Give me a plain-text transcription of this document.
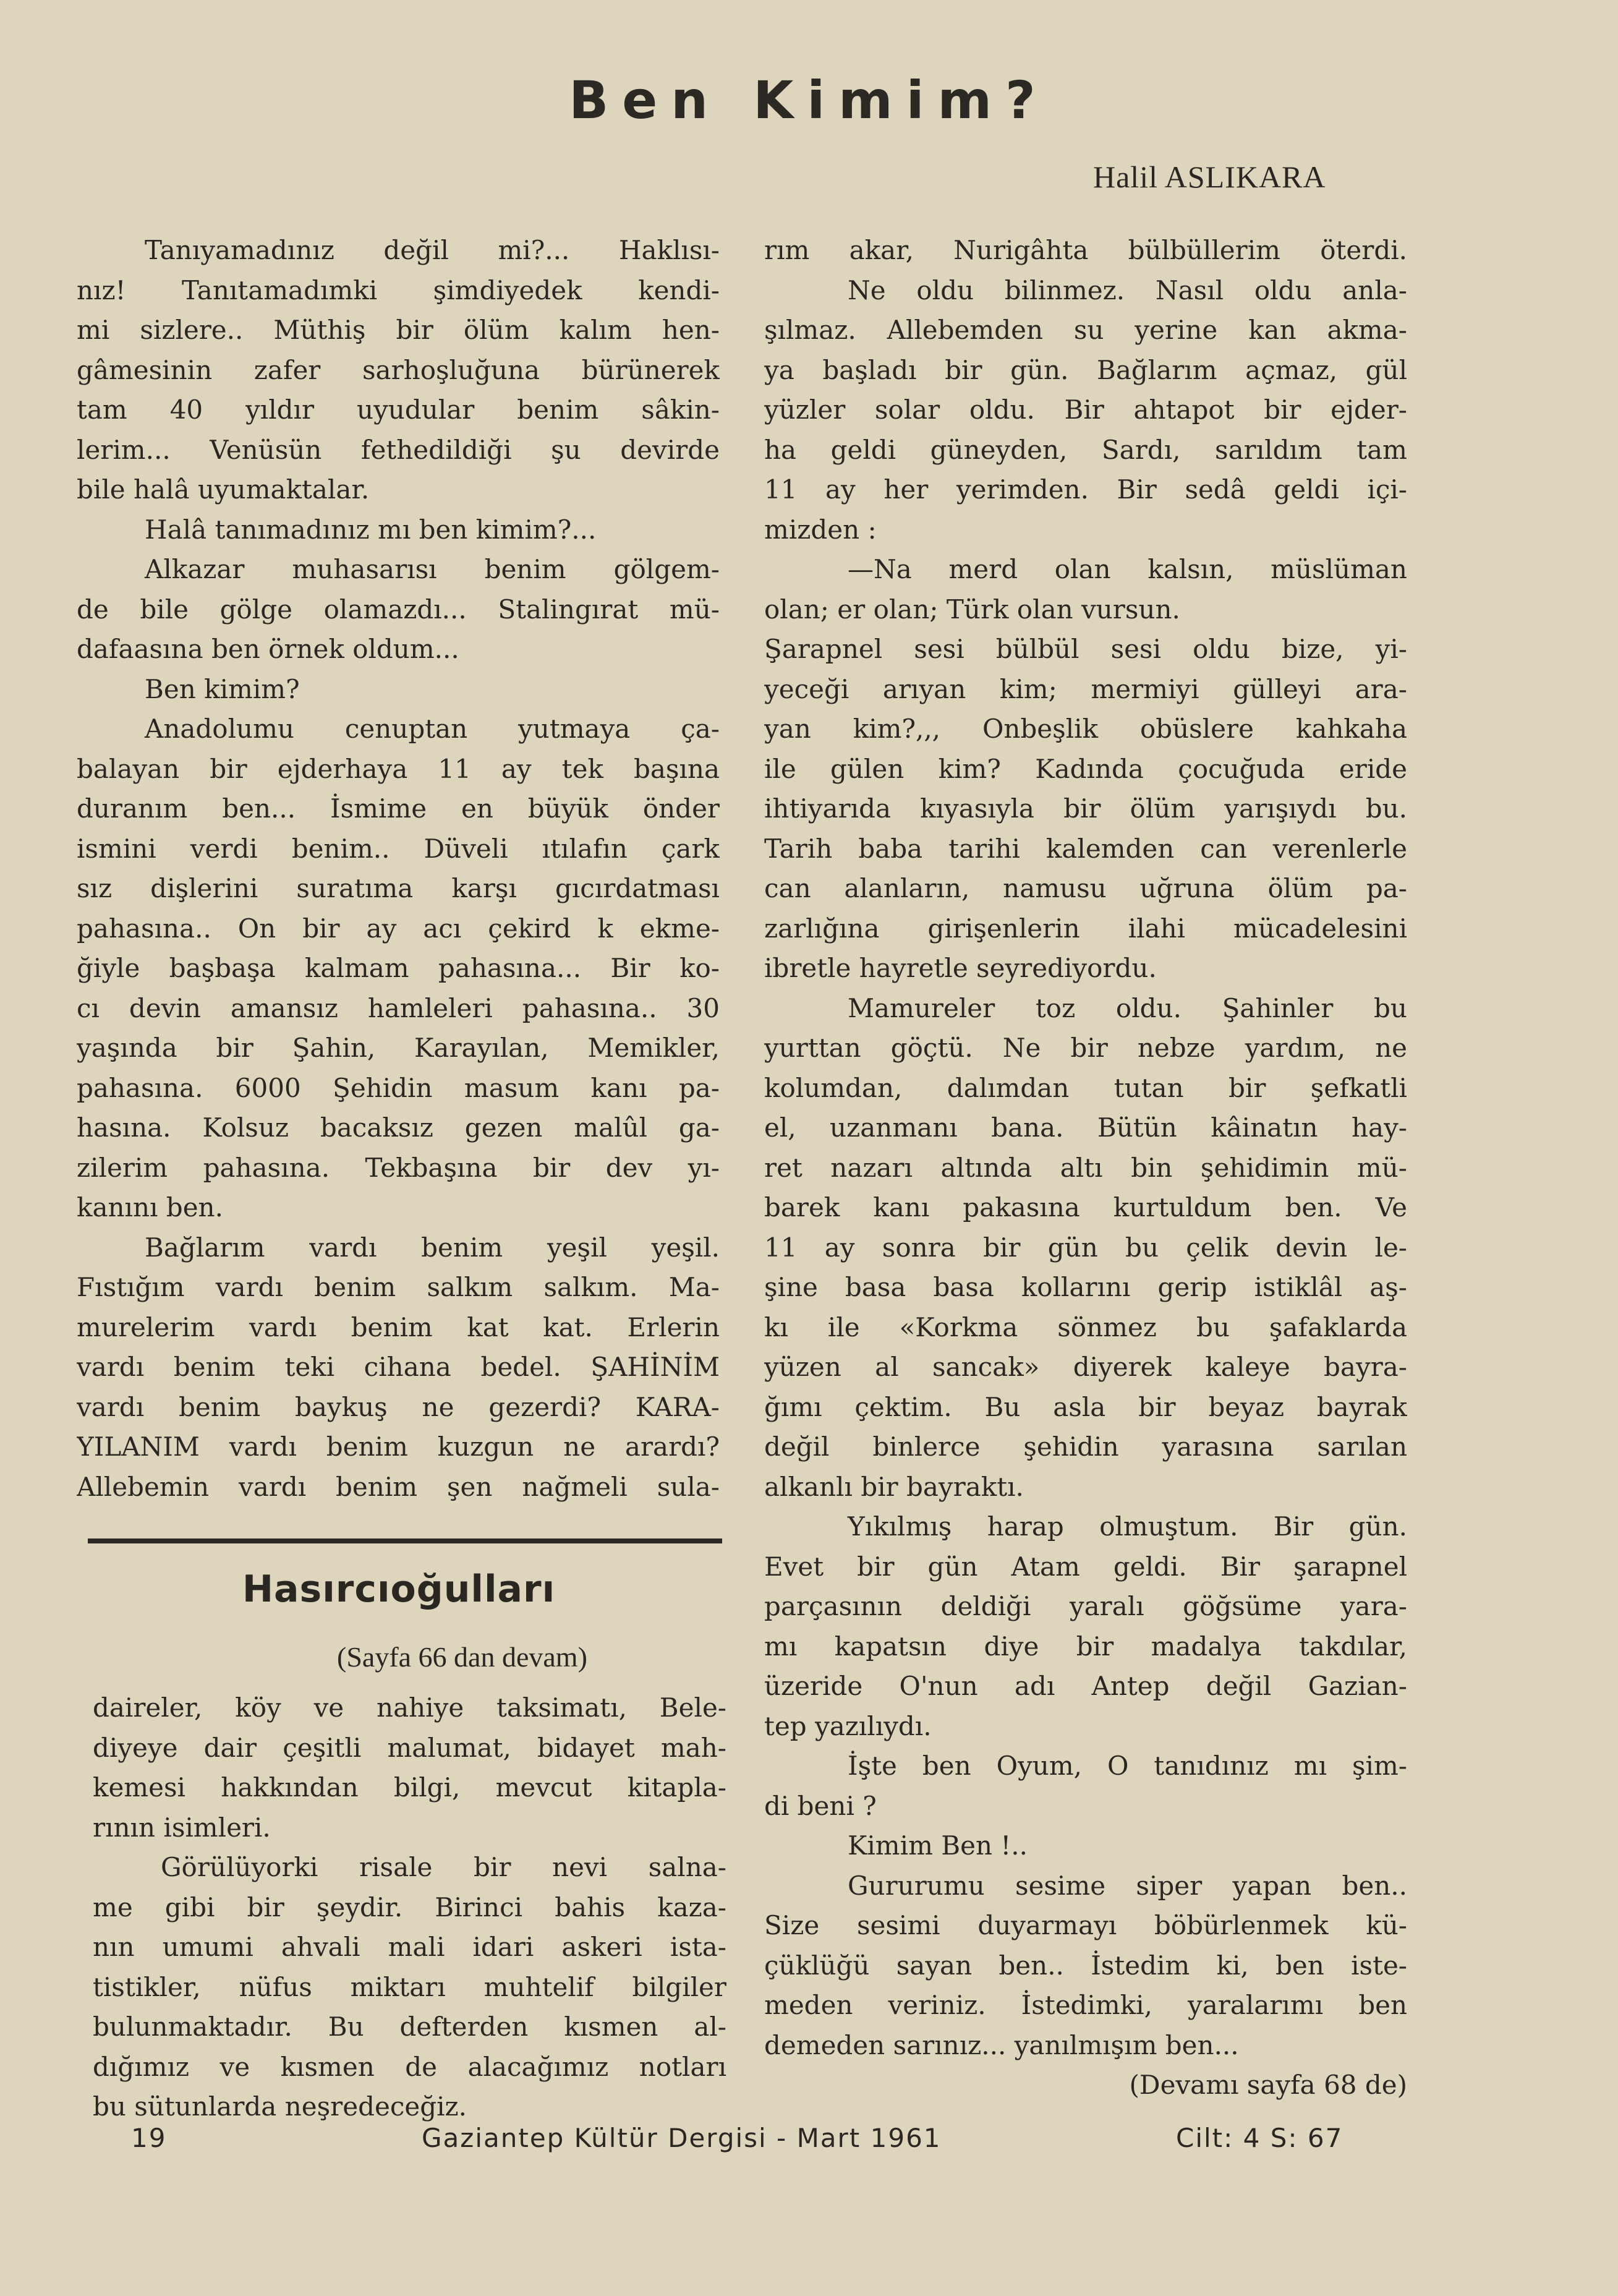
Ben Kimim?
Halil ASLIKARA

Tanıyamadınız değil mi?... Haklısı-

nız! Tanıtamadımki şimdiyedek kendi-

mi sizlere.. Müthiş bir ölüm kalım hen-

gâmesinin zafer sarhoşluğuna bürünerek

tam 40 yıldır uyudular benim sâkin-

lerim... Venüsün fethedildiği şu devirde

bile halâ uyumaktalar.

Halâ tanımadınız mı ben kimim?...

Alkazar muhasarısı benim gölgem-

de bile gölge olamazdı... Stalingırat mü-

dafaasına ben örnek oldum...

Ben kimim?

Anadolumu cenuptan yutmaya ça-

balayan bir ejderhaya 11 ay tek başına

duranım ben... İsmime en büyük önder

ismini verdi benim.. Düveli ıtılafın çark

sız dişlerini suratıma karşı gıcırdatması

pahasına.. On bir ay acı çekird k ekme-

ğiyle başbaşa kalmam pahasına... Bir ko-

cı devin amansız hamleleri pahasına.. 30

yaşında bir Şahin, Karayılan, Memikler,

pahasına. 6000 Şehidin masum kanı pa-

hasına. Kolsuz bacaksız gezen malûl ga-

zilerim pahasına. Tekbaşına bir dev yı-

kanını ben.

Bağlarım vardı benim yeşil yeşil.

Fıstığım vardı benim salkım salkım. Ma-

murelerim vardı benim kat kat. Erlerin

vardı benim teki cihana bedel. ŞAHİNİM

vardı benim baykuş ne gezerdi? KARA-

YILANIM vardı benim kuzgun ne arardı?

Allebemin vardı benim şen nağmeli sula-

rım akar, Nurigâhta bülbüllerim öterdi.

Ne oldu bilinmez. Nasıl oldu anla-

şılmaz. Allebemden su yerine kan akma-

ya başladı bir gün. Bağlarım açmaz, gül

yüzler solar oldu. Bir ahtapot bir ejder-

ha geldi güneyden, Sardı, sarıldım tam

11 ay her yerimden. Bir sedâ geldi içi-

mizden :

—Na merd olan kalsın, müslüman

olan; er olan; Türk olan vursun.

Şarapnel sesi bülbül sesi oldu bize, yi-

yeceği arıyan kim; mermiyi gülleyi ara-

yan kim?,,, Onbeşlik obüslere kahkaha

ile gülen kim? Kadında çocuğuda eride

ihtiyarıda kıyasıyla bir ölüm yarışıydı bu.

Tarih baba tarihi kalemden can verenlerle

can alanların, namusu uğruna ölüm pa-

zarlığına girişenlerin ilahi mücadelesini

ibretle hayretle seyrediyordu.

Mamureler toz oldu. Şahinler bu

yurttan göçtü. Ne bir nebze yardım, ne

kolumdan, dalımdan tutan bir şefkatli

el, uzanmanı bana. Bütün kâinatın hay-

ret nazarı altında altı bin şehidimin mü-

barek kanı pakasına kurtuldum ben. Ve

11 ay sonra bir gün bu çelik devin le-

şine basa basa kollarını gerip istiklâl aş-

kı ile «Korkma sönmez bu şafaklarda

yüzen al sancak» diyerek kaleye bayra-

ğımı çektim. Bu asla bir beyaz bayrak

değil binlerce şehidin yarasına sarılan

alkanlı bir bayraktı.

Yıkılmış harap olmuştum. Bir gün.

Evet bir gün Atam geldi. Bir şarapnel

parçasının deldiği yaralı göğsüme yara-

mı kapatsın diye bir madalya takdılar,

üzeride O'nun adı Antep değil Gazian-

tep yazılıydı.

İşte ben Oyum, O tanıdınız mı şim-

di beni ?

Kimim Ben !..

Gururumu sesime siper yapan ben..

Size sesimi duyarmayı böbürlenmek kü-

çüklüğü sayan ben.. İstedim ki, ben iste-

meden veriniz. İstedimki, yaralarımı ben

demeden sarınız... yanılmışım ben...

(Devamı sayfa 68 de)

Hasırcıoğulları
(Sayfa 66 dan devam)

daireler, köy ve nahiye taksimatı, Bele-

diyeye dair çeşitli malumat, bidayet mah-

kemesi hakkından bilgi, mevcut kitapla-

rının isimleri.

Görülüyorki risale bir nevi salna-

me gibi bir şeydir. Birinci bahis kaza-

nın umumi ahvali mali idari askeri ista-

tistikler, nüfus miktarı muhtelif bilgiler

bulunmaktadır. Bu defterden kısmen al-

dığımız ve kısmen de alacağımız notları

bu sütunlarda neşredeceğiz.

19	Gaziantep Kültür Dergisi - Mart 1961	Cilt: 4 S: 67
